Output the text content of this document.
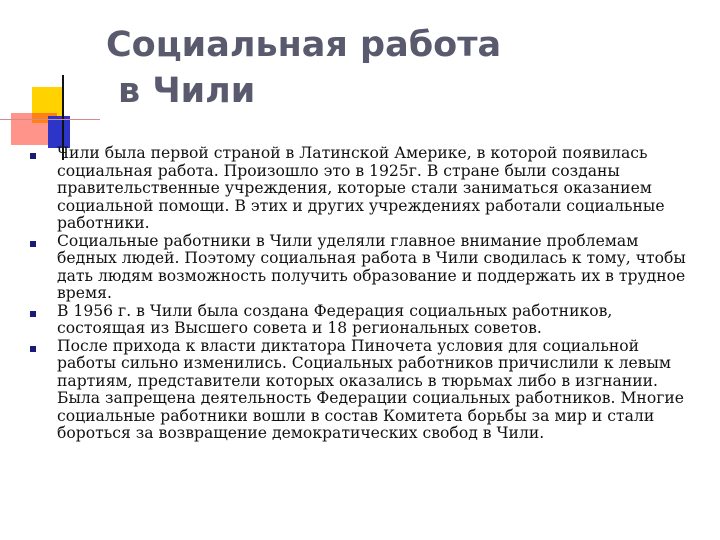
Социальная работа
в Чили
Чили была первой страной в Латинской Америке, в которой появилась социальная работа. Произошло это в 1925г. В стране были созданы правительственные учреждения, которые стали заниматься оказанием социальной помощи. В этих и других учреждениях работали социальные работники.
Социальные работники в Чили уделяли главное внимание проблемам бедных людей. Поэтому социальная работа в Чили сводилась к тому, чтобы дать людям возможность получить образование и поддержать их в трудное время.
В 1956 г. в Чили была создана Федерация социальных работников, состоящая из Высшего совета и 18 региональных советов.
После прихода к власти диктатора Пиночета условия для социальной работы сильно изменились. Социальных работников причислили к левым партиям, представители которых оказались в тюрьмах либо в изгнании. Была запрещена деятельность Федерации социальных работников. Многие социальные работники вошли в состав Комитета борьбы за мир и стали бороться за возвращение демократических свобод в Чили.
